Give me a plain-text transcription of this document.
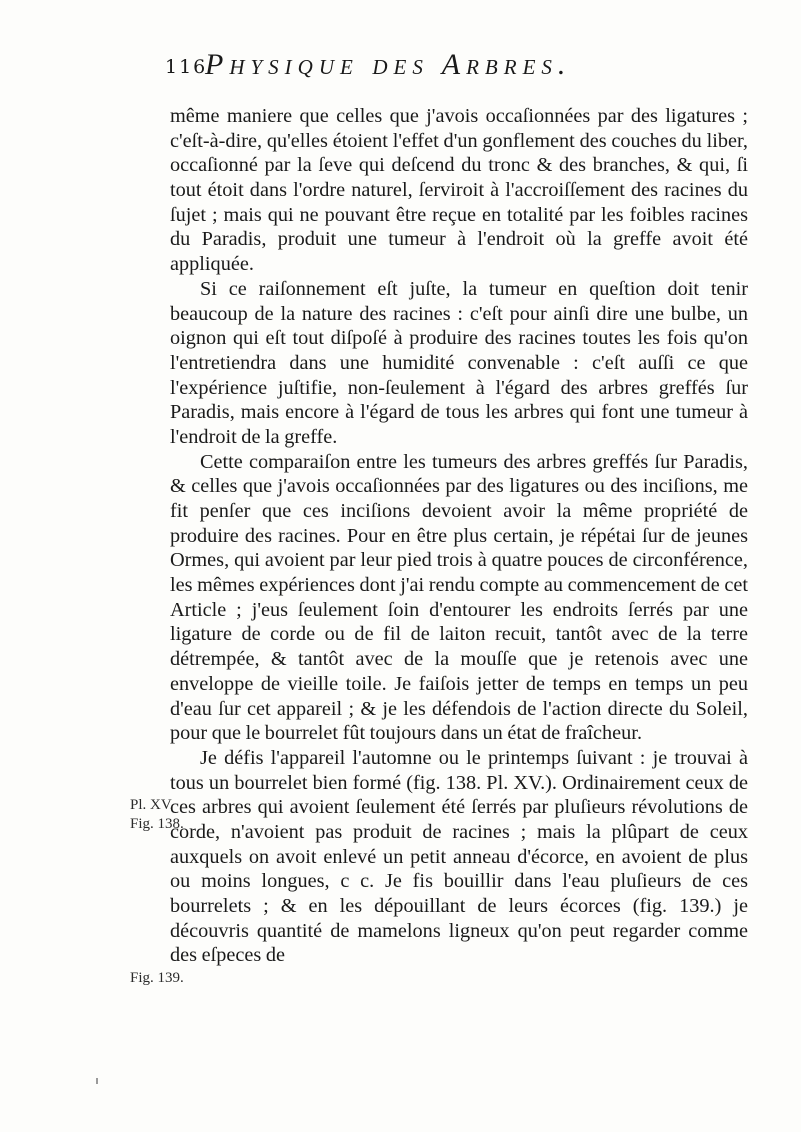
116
Physique des Arbres.
Pl. XV.
Fig. 138.
Fig. 139.

même maniere que celles que j'avois occaſionnées par des ligatures ; c'eſt-à-dire, qu'elles étoient l'effet d'un gonflement des couches du liber, occaſionné par la ſeve qui deſcend du tronc & des branches, & qui, ſi tout étoit dans l'ordre naturel, ſerviroit à l'accroiſſement des racines du ſujet ; mais qui ne pouvant être reçue en totalité par les foibles racines du Paradis, produit une tumeur à l'endroit où la greffe avoit été appliquée.

Si ce raiſonnement eſt juſte, la tumeur en queſtion doit tenir beaucoup de la nature des racines : c'eſt pour ainſi dire une bulbe, un oignon qui eſt tout diſpoſé à produire des racines toutes les fois qu'on l'entretiendra dans une humidité convenable : c'eſt auſſi ce que l'expérience juſtifie, non-ſeulement à l'égard des arbres greffés ſur Paradis, mais encore à l'égard de tous les arbres qui font une tumeur à l'endroit de la greffe.

Cette comparaiſon entre les tumeurs des arbres greffés ſur Paradis, & celles que j'avois occaſionnées par des ligatures ou des inciſions, me fit penſer que ces inciſions devoient avoir la même propriété de produire des racines. Pour en être plus certain, je répétai ſur de jeunes Ormes, qui avoient par leur pied trois à quatre pouces de circonférence, les mêmes expériences dont j'ai rendu compte au commencement de cet Article ; j'eus ſeulement ſoin d'entourer les endroits ſerrés par une ligature de corde ou de fil de laiton recuit, tantôt avec de la terre détrempée, & tantôt avec de la mouſſe que je retenois avec une enveloppe de vieille toile. Je faiſois jetter de temps en temps un peu d'eau ſur cet appareil ; & je les défendois de l'action directe du Soleil, pour que le bourrelet fût toujours dans un état de fraîcheur.

Je défis l'appareil l'automne ou le printemps ſuivant : je trouvai à tous un bourrelet bien formé (fig. 138. Pl. XV.). Ordinairement ceux de ces arbres qui avoient ſeulement été ſerrés par pluſieurs révolutions de corde, n'avoient pas produit de racines ; mais la plûpart de ceux auxquels on avoit enlevé un petit anneau d'écorce, en avoient de plus ou moins longues, c c. Je fis bouillir dans l'eau pluſieurs de ces bourrelets ; & en les dépouillant de leurs écorces (fig. 139.) je découvris quantité de mamelons ligneux qu'on peut regarder comme des eſpeces de
